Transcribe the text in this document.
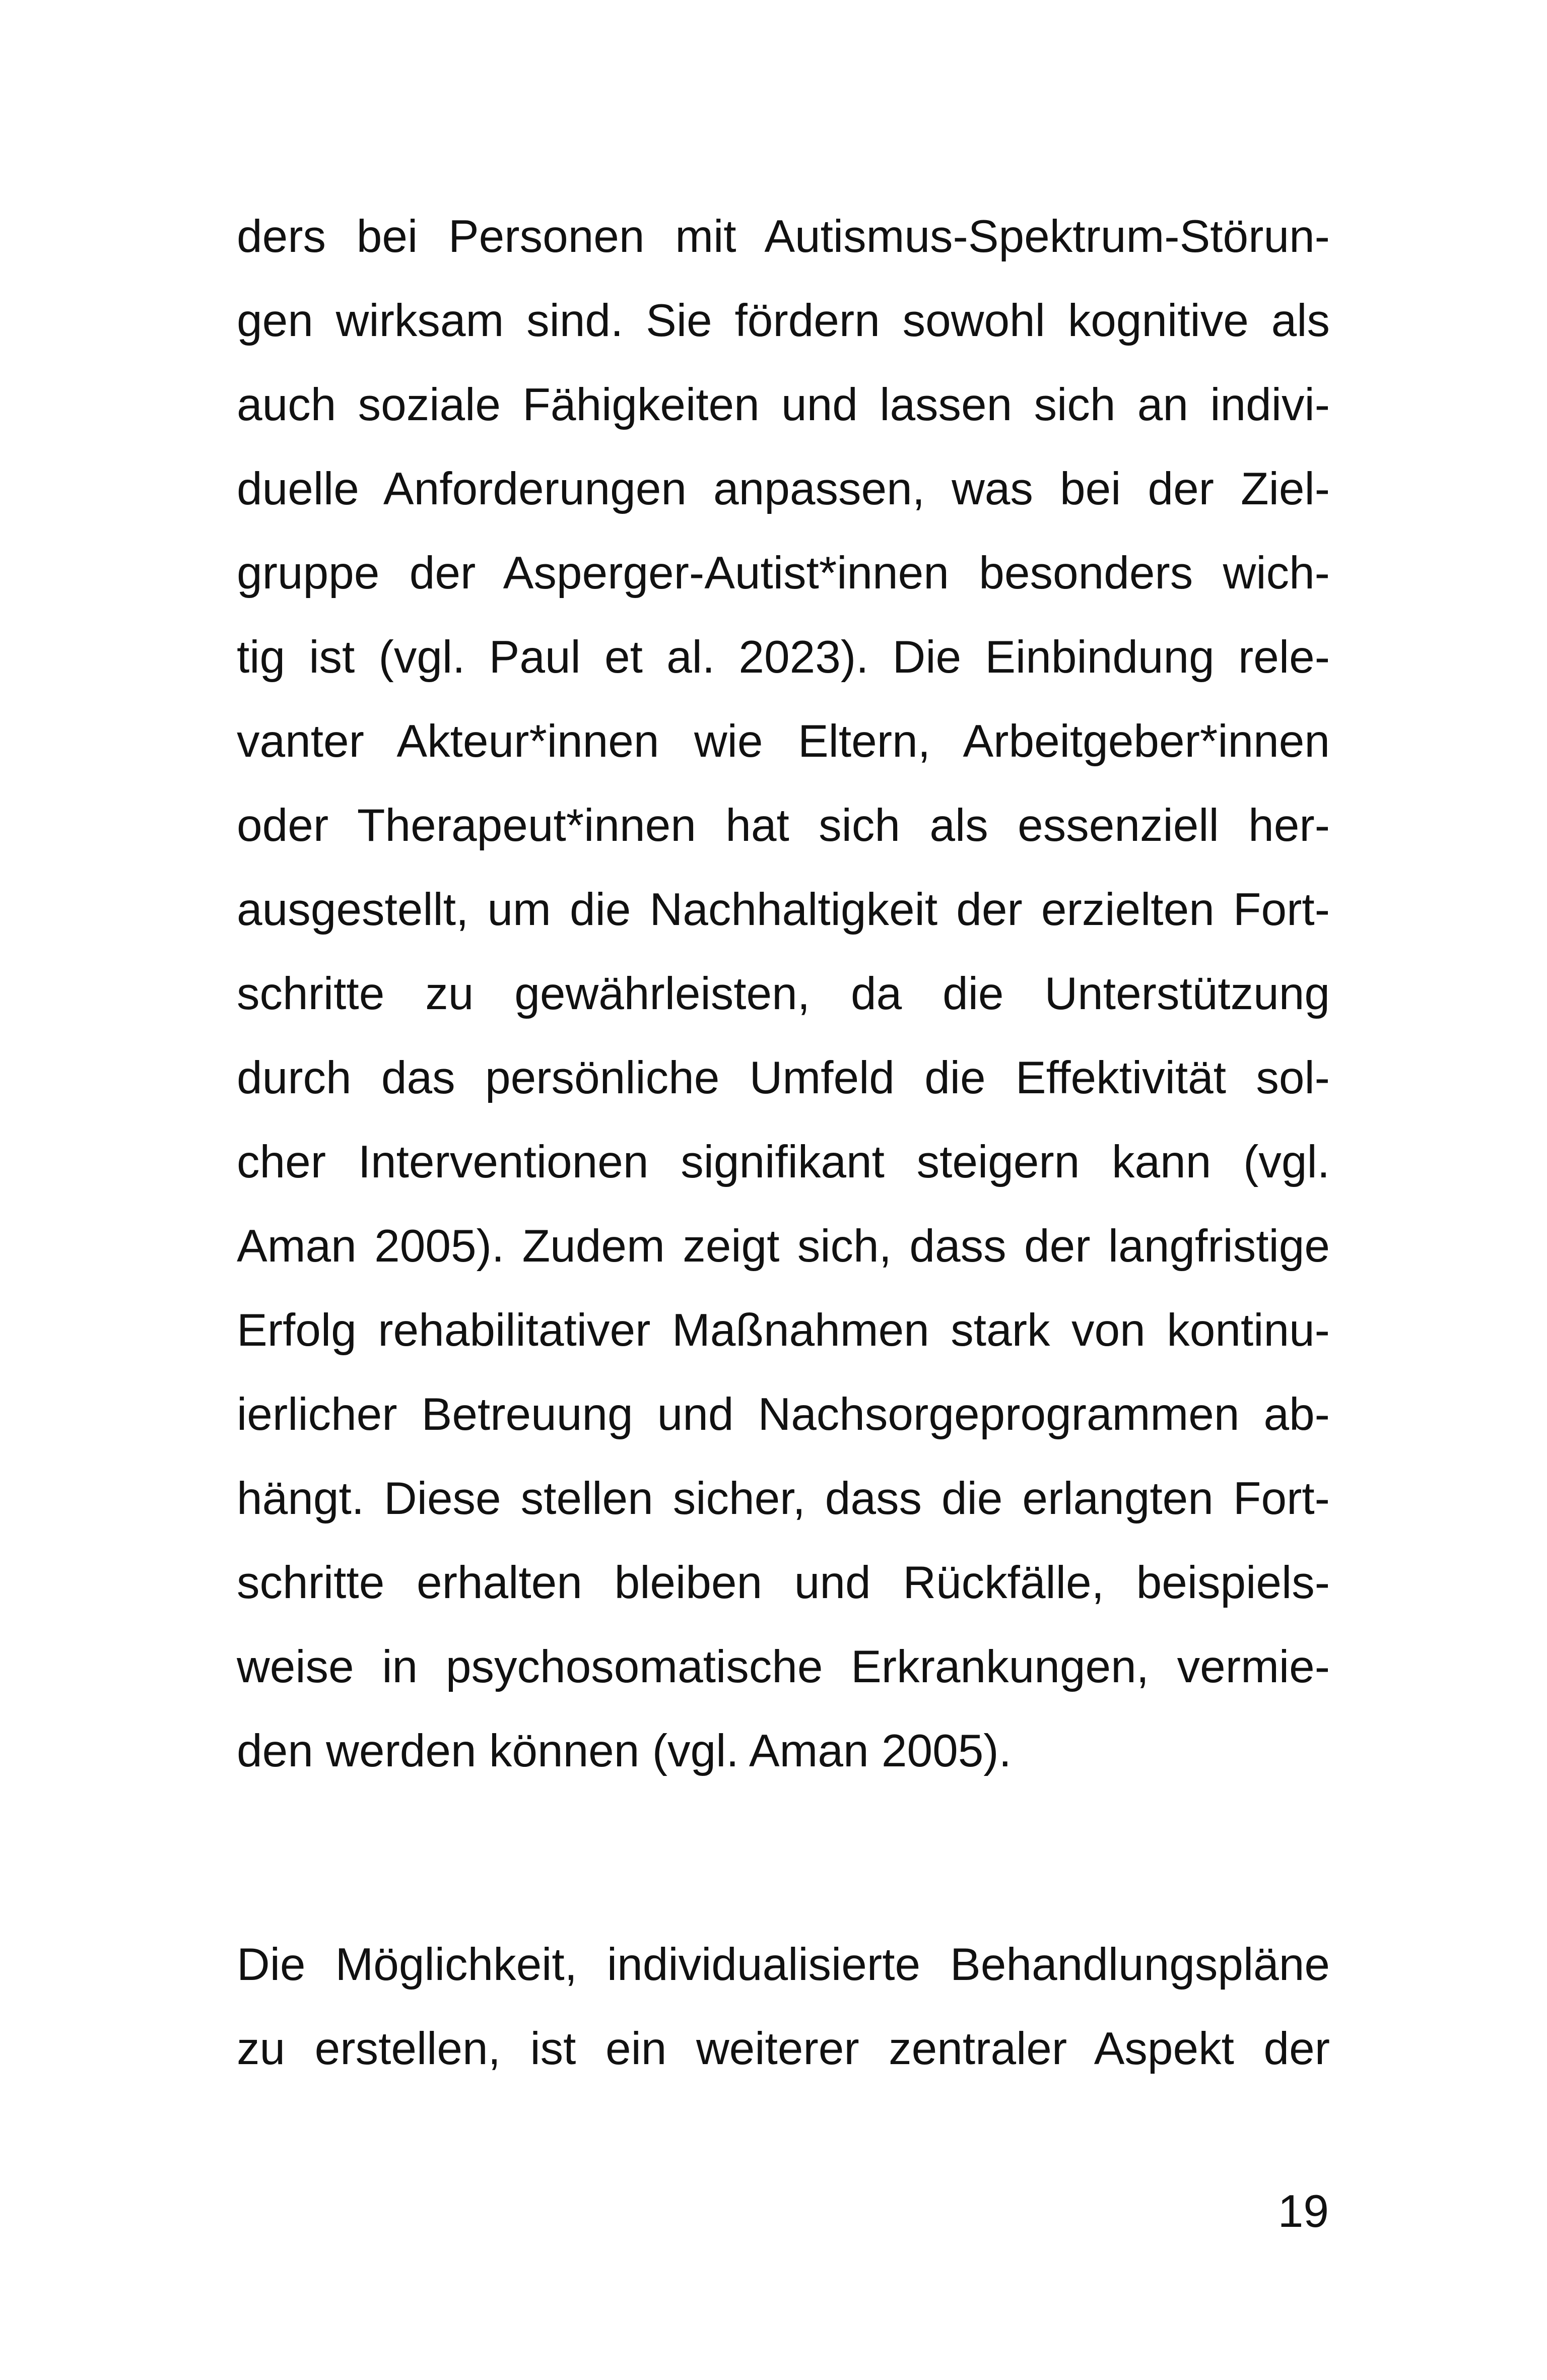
ders bei Personen mit Autismus-Spektrum-Störun-
gen wirksam sind. Sie fördern sowohl kognitive als
auch soziale Fähigkeiten und lassen sich an indivi-
duelle Anforderungen anpassen, was bei der Ziel-
gruppe der Asperger-Autist*innen besonders wich-
tig ist (vgl. Paul et al. 2023). Die Einbindung rele-
vanter Akteur*innen wie Eltern, Arbeitgeber*innen
oder Therapeut*innen hat sich als essenziell her-
ausgestellt, um die Nachhaltigkeit der erzielten Fort-
schritte zu gewährleisten, da die Unterstützung
durch das persönliche Umfeld die Effektivität sol-
cher Interventionen signifikant steigern kann (vgl.
Aman 2005). Zudem zeigt sich, dass der langfristige
Erfolg rehabilitativer Maßnahmen stark von kontinu-
ierlicher Betreuung und Nachsorgeprogrammen ab-
hängt. Diese stellen sicher, dass die erlangten Fort-
schritte erhalten bleiben und Rückfälle, beispiels-
weise in psychosomatische Erkrankungen, vermie-
den werden können (vgl. Aman 2005).
Die Möglichkeit, individualisierte Behandlungspläne
zu erstellen, ist ein weiterer zentraler Aspekt der
19
